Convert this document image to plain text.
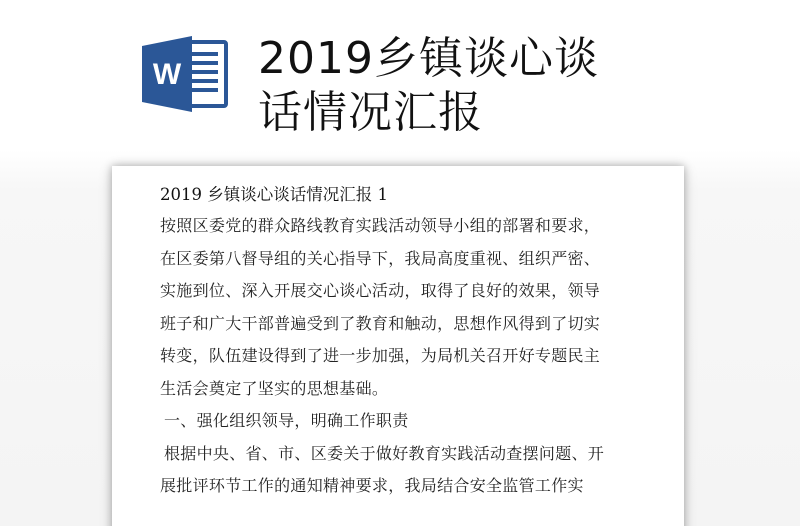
W 2019乡镇谈心谈
话情况汇报
2019 乡镇谈心谈话情况汇报 1
按照区委党的群众路线教育实践活动领导小组的部署和要求，
在区委第八督导组的关心指导下，我局高度重视、组织严密、
实施到位、深入开展交心谈心活动，取得了良好的效果，领导
班子和广大干部普遍受到了教育和触动，思想作风得到了切实
转变，队伍建设得到了进一步加强，为局机关召开好专题民主
生活会奠定了坚实的思想基础。
一、强化组织领导，明确工作职责
根据中央、省、市、区委关于做好教育实践活动查摆问题、开
展批评环节工作的通知精神要求，我局结合安全监管工作实
